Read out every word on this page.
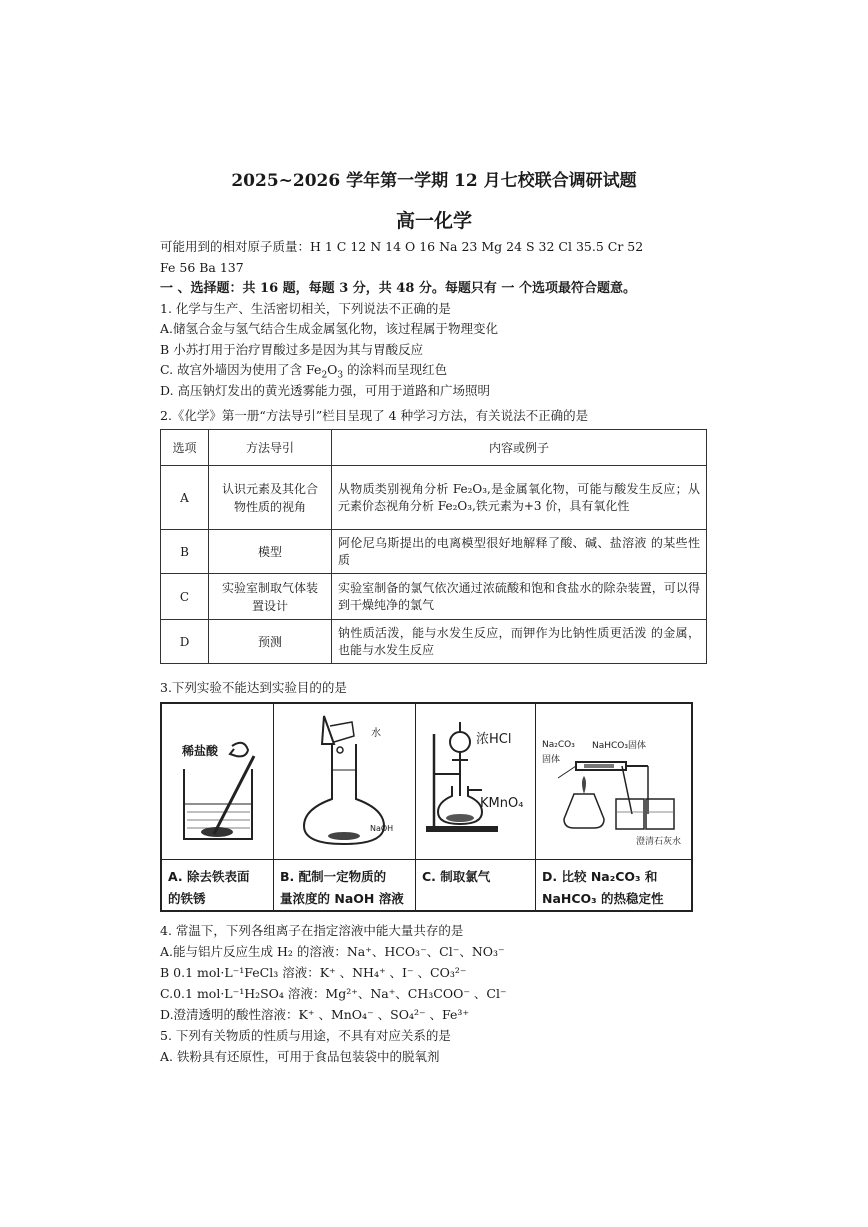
2025~2026 学年第一学期 12 月七校联合调研试题
高一化学
可能用到的相对原子质量：H 1 C 12 N 14 O 16 Na 23 Mg 24 S 32 Cl 35.5 Cr 52
Fe 56 Ba 137
一 、选择题：共 16 题，每题 3 分，共 48 分。每题只有 一 个选项最符合题意。
1. 化学与生产、生活密切相关，下列说法不正确的是
A.储氢合金与氢气结合生成金属氢化物，该过程属于物理变化
B 小苏打用于治疗胃酸过多是因为其与胃酸反应
C. 故宫外墙因为使用了含 $Fe_2O_3$ 的涂料而呈现红色
D. 高压钠灯发出的黄光透雾能力强，可用于道路和广场照明
2.《化学》第一册“方法导引”栏目呈现了 4 种学习方法，有关说法不正确的是
选项	方法导引	内容或例子
A	认识元素及其化合物性质的视角	从物质类别视角分析 Fe₂O₃,是金属氧化物，可能与酸发生反应；从元素价态视角分析 Fe₂O₃,铁元素为+3 价，具有氧化性
B	模型	阿伦尼乌斯提出的电离模型很好地解释了酸、碱、盐溶液 的某些性质
C	实验室制取气体装置设计	实验室制备的氯气依次通过浓硫酸和饱和食盐水的除杂装置，可以得到干燥纯净的氯气
D	预测	钠性质活泼，能与水发生反应，而钾作为比钠性质更活泼 的金属，也能与水发生反应
3.下列实验不能达到实验目的的是
稀盐酸
A. 除去铁表面
的铁锈
水
NaOH
B. 配制一定物质的
量浓度的 NaOH 溶液
浓HCl
KMnO₄
C. 制取氯气
Na₂CO₃
固体
NaHCO₃固体
澄清石灰水
D. 比较 Na₂CO₃ 和
NaHCO₃ 的热稳定性
4. 常温下，下列各组离子在指定溶液中能大量共存的是
A.能与铝片反应生成 H₂ 的溶液：Na⁺、HCO₃⁻、Cl⁻、NO₃⁻
B 0.1 mol·L⁻¹FeCl₃ 溶液：K⁺ 、NH₄⁺ 、I⁻ 、CO₃²⁻
C.0.1 mol·L⁻¹H₂SO₄ 溶液：Mg²⁺、Na⁺、CH₃COO⁻ 、Cl⁻
D.澄清透明的酸性溶液：K⁺ 、MnO₄⁻ 、SO₄²⁻ 、Fe³⁺
5. 下列有关物质的性质与用途，不具有对应关系的是
A. 铁粉具有还原性，可用于食品包装袋中的脱氧剂
